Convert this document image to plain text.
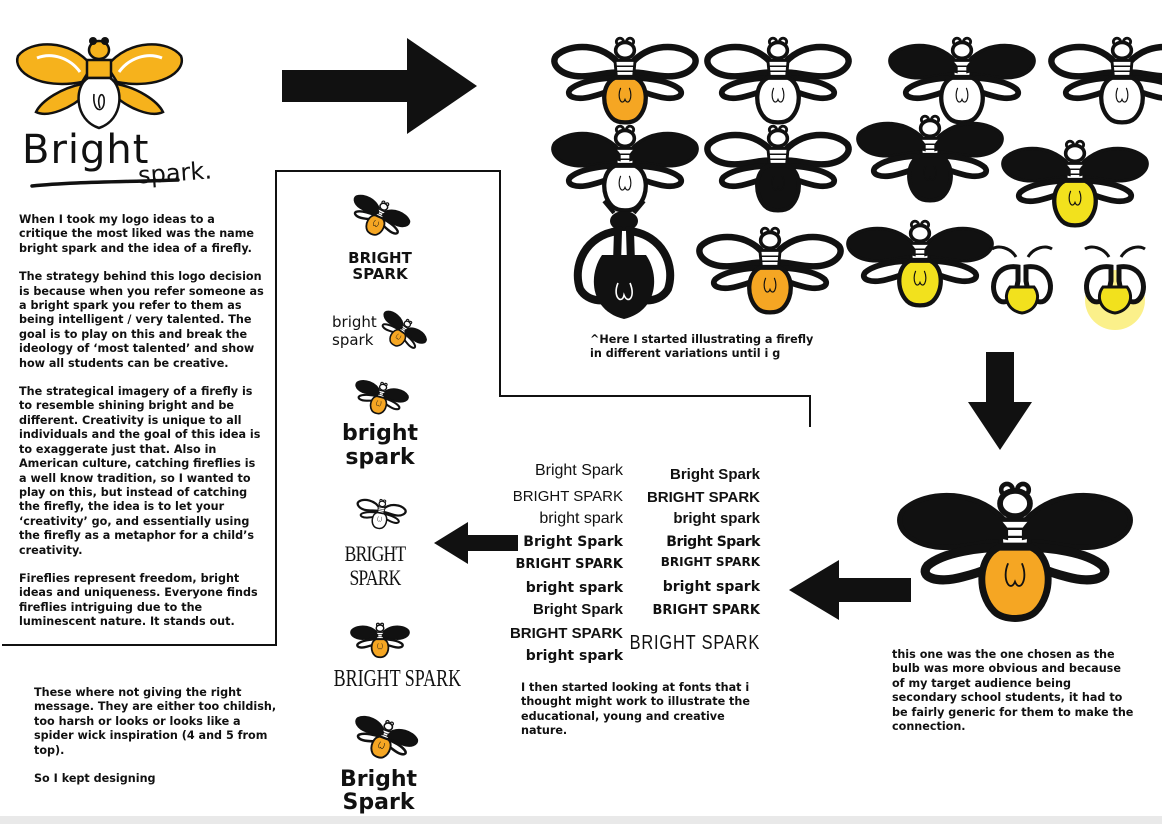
Bright
spark.
When I took my logo ideas to a critique the most liked was the name bright spark and the idea of a firefly.
The strategy behind this logo decision is because when you refer someone as a bright spark you refer to them as being intelligent / very talented. The goal is to play on this and break the ideology of ‘most talented’ and show how all students can be creative.
The strategical imagery of a firefly is to resemble shining bright and be different. Creativity is unique to all individuals and the goal of this idea is to exaggerate just that. Also in American culture, catching fireflies is a well know tradition, so I wanted to play on this, but instead of catching the firefly, the idea is to let your ‘creativity’ go, and essentially using the firefly as a metaphor for a child’s creativity.
Fireflies represent freedom, bright ideas and uniqueness. Everyone finds fireflies intriguing due to the luminescent nature. It stands out.
^Here I started illustrating a firefly in different variations until i g
this one was the one chosen as the bulb was more obvious and because of my target audience being secondary school students, it had to be fairly generic for them to make the connection.
Bright Spark
BRIGHT SPARK
bright spark
Bright Spark
BRIGHT SPARK
bright spark
Bright Spark
BRIGHT SPARK
bright spark
Bright Spark
BRIGHT SPARK
bright spark
Bright Spark
BRIGHT SPARK
bright spark
BRIGHT SPARK
BRIGHT SPARK
I then started looking at fonts that i thought might work to illustrate the educational, young and creative nature.
BRIGHT
SPARK
bright
spark
bright
spark
BRIGHT
SPARK
BRIGHT SPARK
Bright
Spark
These where not giving the right message. They are either too childish, too harsh or looks or looks like a spider wick inspiration (4 and 5 from top).
So I kept designing
